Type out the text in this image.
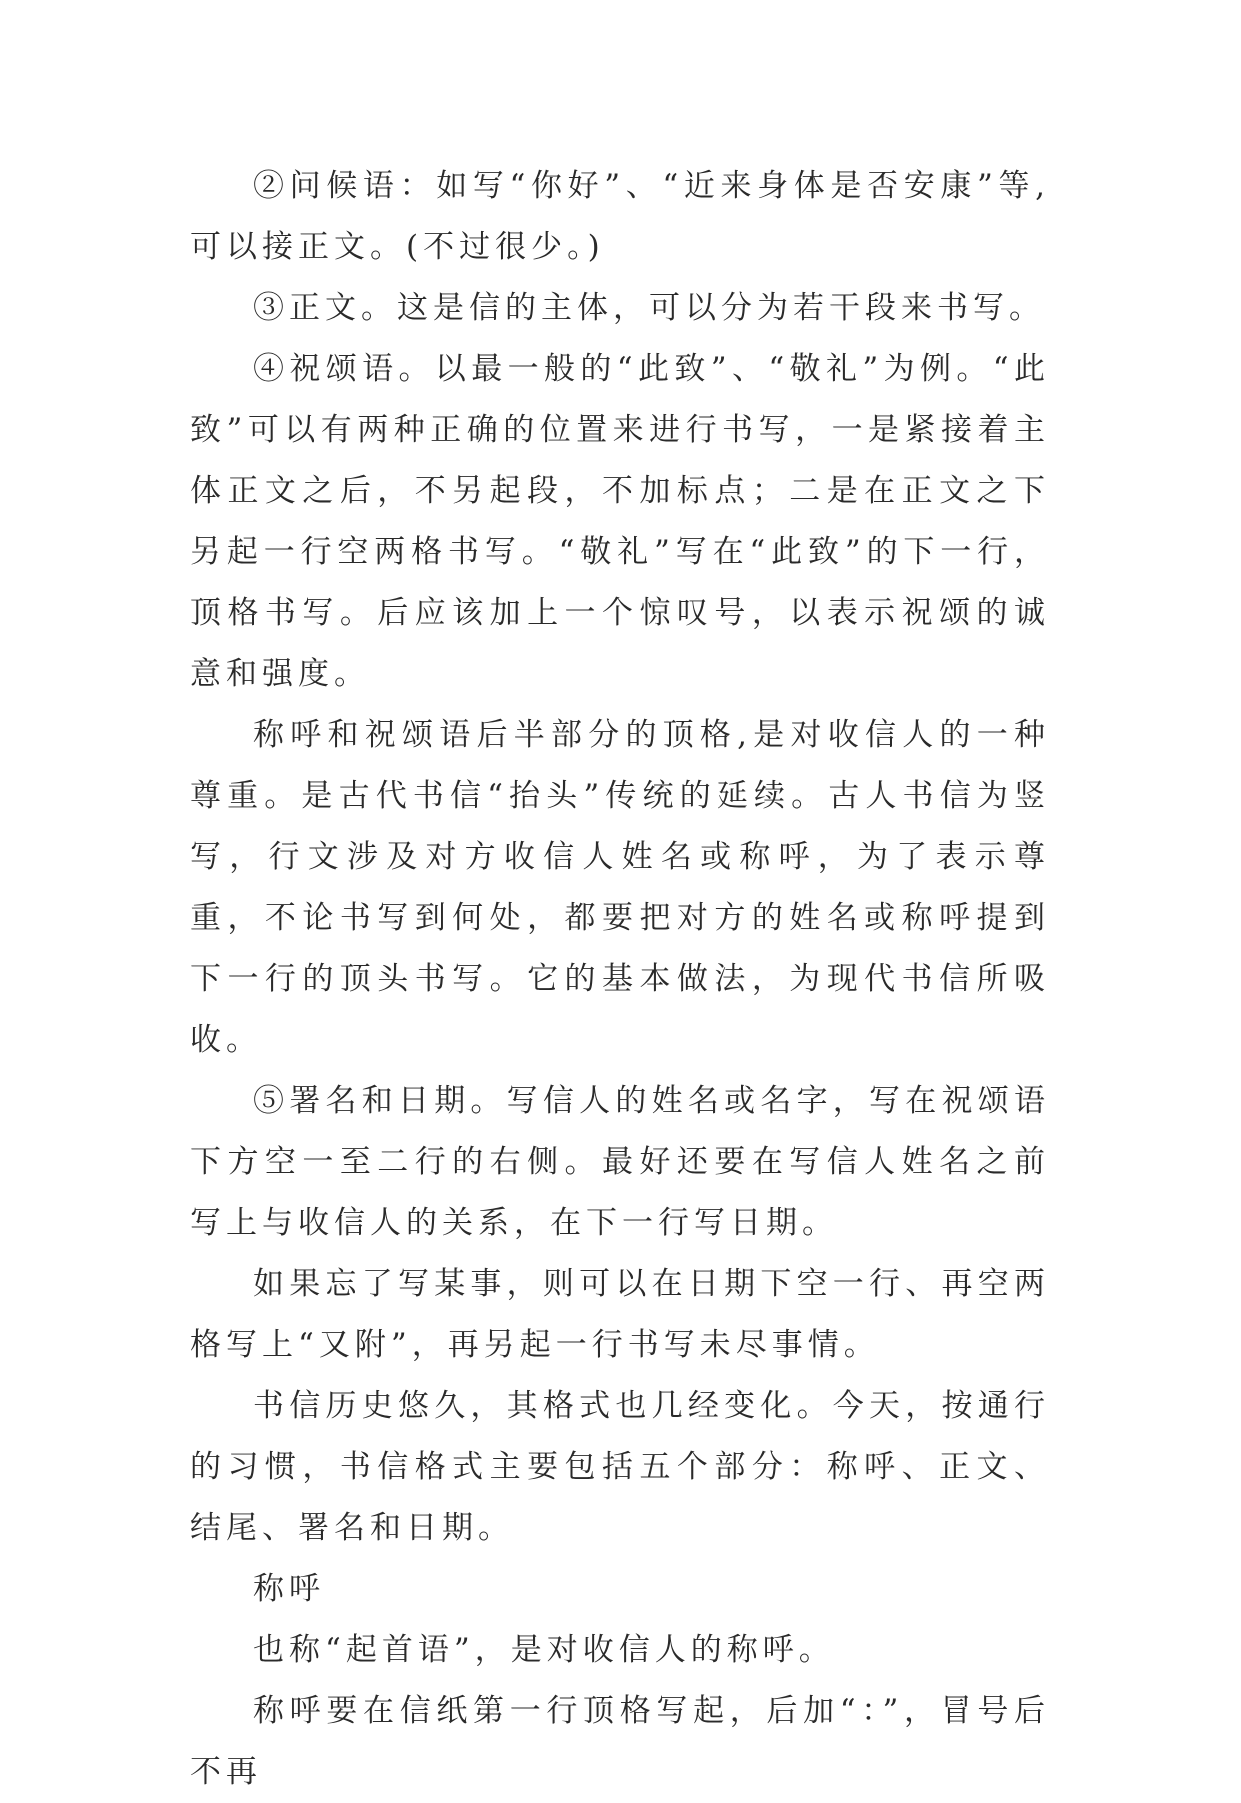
②问候语：如写“你好”、“近来身体是否安康”等,可以接正文。(不过很少。)

③正文。这是信的主体，可以分为若干段来书写。

④祝颂语。以最一般的“此致”、“敬礼”为例。“此致”可以有两种正确的位置来进行书写，一是紧接着主体正文之后，不另起段，不加标点；二是在正文之下另起一行空两格书写。“敬礼”写在“此致”的下一行，顶格书写。后应该加上一个惊叹号，以表示祝颂的诚意和强度。

称呼和祝颂语后半部分的顶格,是对收信人的一种尊重。是古代书信“抬头”传统的延续。古人书信为竖写，行文涉及对方收信人姓名或称呼，为了表示尊重，不论书写到何处，都要把对方的姓名或称呼提到下一行的顶头书写。它的基本做法，为现代书信所吸收。

⑤署名和日期。写信人的姓名或名字，写在祝颂语下方空一至二行的右侧。最好还要在写信人姓名之前写上与收信人的关系，在下一行写日期。

如果忘了写某事，则可以在日期下空一行、再空两格写上“又附”，再另起一行书写未尽事情。

书信历史悠久，其格式也几经变化。今天，按通行的习惯，书信格式主要包括五个部分：称呼、正文、结尾、署名和日期。

称呼

也称“起首语”，是对收信人的称呼。

称呼要在信纸第一行顶格写起，后加“：”，冒号后不再
